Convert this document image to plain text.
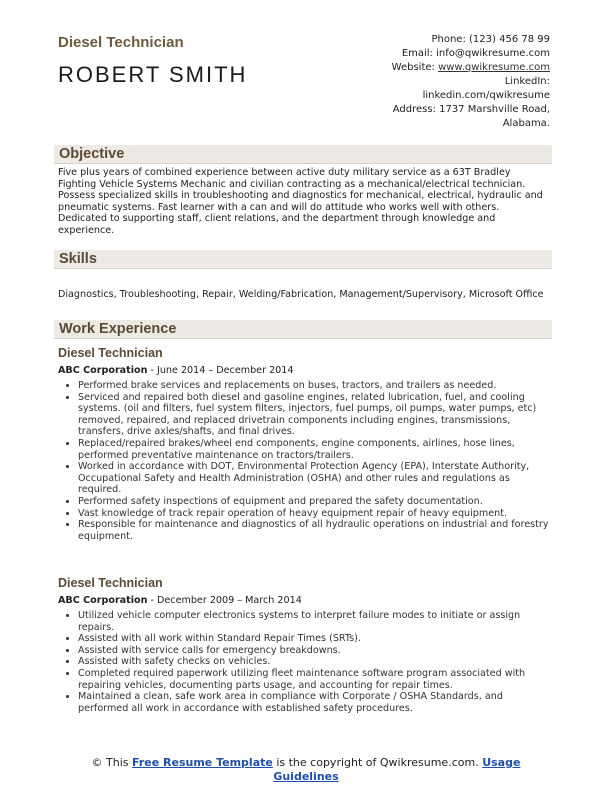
Diesel Technician
ROBERT SMITH
Phone: (123) 456 78 99
Email: info@qwikresume.com
Website: www.qwikresume.com
LinkedIn:
linkedin.com/qwikresume
Address: 1737 Marshville Road,
Alabama.
Objective
Five plus years of combined experience between active duty military service as a 63T Bradley Fighting Vehicle Systems Mechanic and civilian contracting as a mechanical/electrical technician. Possess specialized skills in troubleshooting and diagnostics for mechanical, electrical, hydraulic and pneumatic systems. Fast learner with a can and will do attitude who works well with others. Dedicated to supporting staff, client relations, and the department through knowledge and experience.
Skills
Diagnostics, Troubleshooting, Repair, Welding/Fabrication, Management/Supervisory, Microsoft Office
Work Experience
Diesel Technician
ABC Corporation - June 2014 – December 2014
• Performed brake services and replacements on buses, tractors, and trailers as needed.
• Serviced and repaired both diesel and gasoline engines, related lubrication, fuel, and cooling systems. (oil and filters, fuel system filters, injectors, fuel pumps, oil pumps, water pumps, etc) removed, repaired, and replaced drivetrain components including engines, transmissions, transfers, drive axles/shafts, and final drives.
• Replaced/repaired brakes/wheel end components, engine components, airlines, hose lines, performed preventative maintenance on tractors/trailers.
• Worked in accordance with DOT, Environmental Protection Agency (EPA), Interstate Authority, Occupational Safety and Health Administration (OSHA) and other rules and regulations as required.
• Performed safety inspections of equipment and prepared the safety documentation.
• Vast knowledge of track repair operation of heavy equipment repair of heavy equipment.
• Responsible for maintenance and diagnostics of all hydraulic operations on industrial and forestry equipment.
Diesel Technician
ABC Corporation - December 2009 – March 2014
• Utilized vehicle computer electronics systems to interpret failure modes to initiate or assign repairs.
• Assisted with all work within Standard Repair Times (SRTs).
• Assisted with service calls for emergency breakdowns.
• Assisted with safety checks on vehicles.
• Completed required paperwork utilizing fleet maintenance software program associated with repairing vehicles, documenting parts usage, and accounting for repair times.
• Maintained a clean, safe work area in compliance with Corporate / OSHA Standards, and performed all work in accordance with established safety procedures.
© This Free Resume Template is the copyright of Qwikresume.com. Usage Guidelines
